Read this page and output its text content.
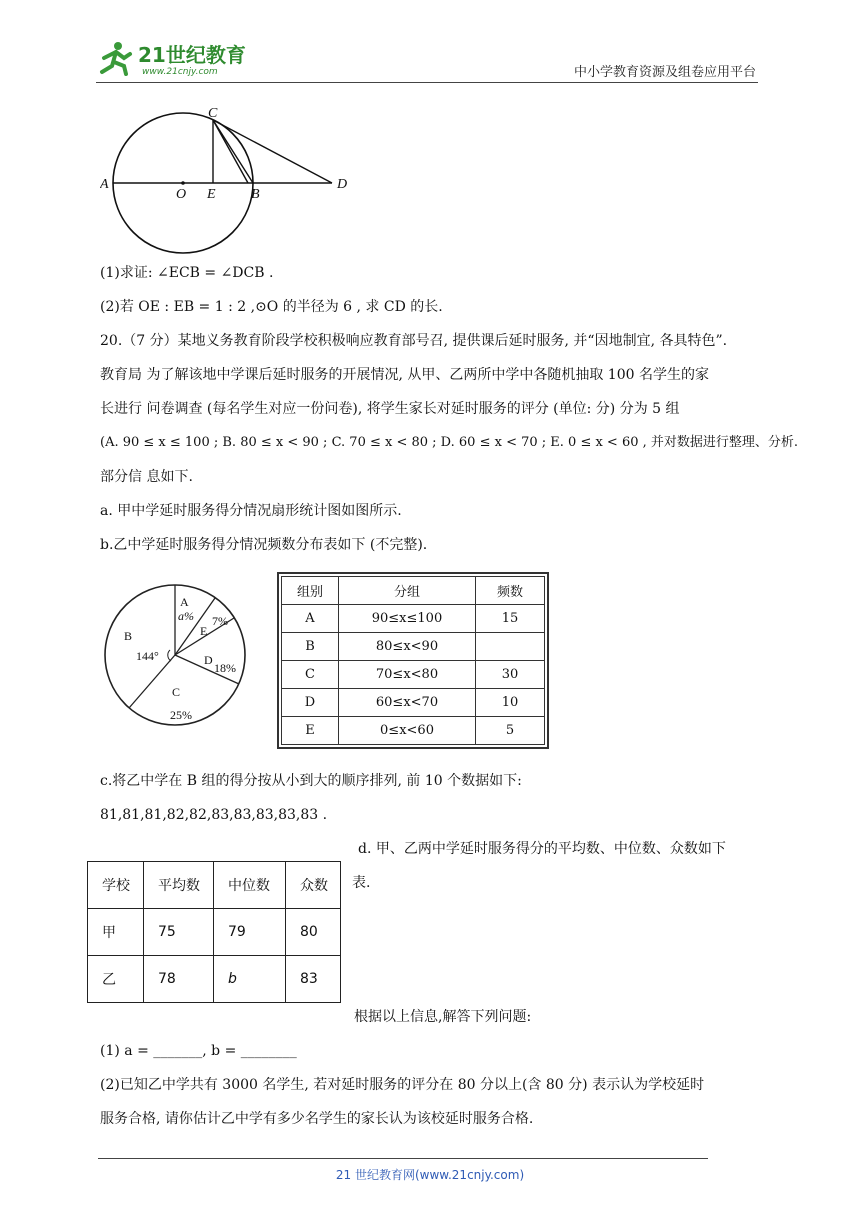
21世纪教育
www.21cnjy.com	中小学教育资源及组卷应用平台
A
O E	B
C
D
(1)求证: ∠ECB = ∠DCB .
(2)若 OE : EB = 1 : 2 ,⊙O 的半径为 6 , 求 CD 的长.
20.（7 分）某地义务教育阶段学校积极响应教育部号召, 提供课后延时服务, 并“因地制宜, 各具特色”.
教育局 为了解该地中学课后延时服务的开展情况, 从甲、乙两所中学中各随机抽取 100 名学生的家
长进行 问卷调查 (每名学生对应一份问卷), 将学生家长对延时服务的评分 (单位: 分) 分为 5 组
(A. 90 ≤ x ≤ 100 ; B. 80 ≤ x < 90 ; C. 70 ≤ x < 80 ; D. 60 ≤ x < 70 ; E. 0 ≤ x < 60 , 并对数据进行整理、分析.
部分信 息如下.
a. 甲中学延时服务得分情况扇形统计图如图所示.
b.乙中学延时服务得分情况频数分布表如下 (不完整).
A
a% 7%
E
D
18%
C
25%
B
144°
组别	分组	频数
A	90≤x≤100	15
B	80≤x<90	
C	70≤x<80	30
D	60≤x<70	10
E	0≤x<60	5
c.将乙中学在 B 组的得分按从小到大的顺序排列, 前 10 个数据如下:
81,81,81,82,82,83,83,83,83,83 .
d. 甲、乙两中学延时服务得分的平均数、中位数、众数如下
表.
学校	平均数	中位数	众数
甲	75	79	80
乙	78	b	83
根据以上信息,解答下列问题:
(1) a = _______, b = ________
(2)已知乙中学共有 3000 名学生, 若对延时服务的评分在 80 分以上(含 80 分) 表示认为学校延时
服务合格, 请你估计乙中学有多少名学生的家长认为该校延时服务合格.
21 世纪教育网(www.21cnjy.com)
